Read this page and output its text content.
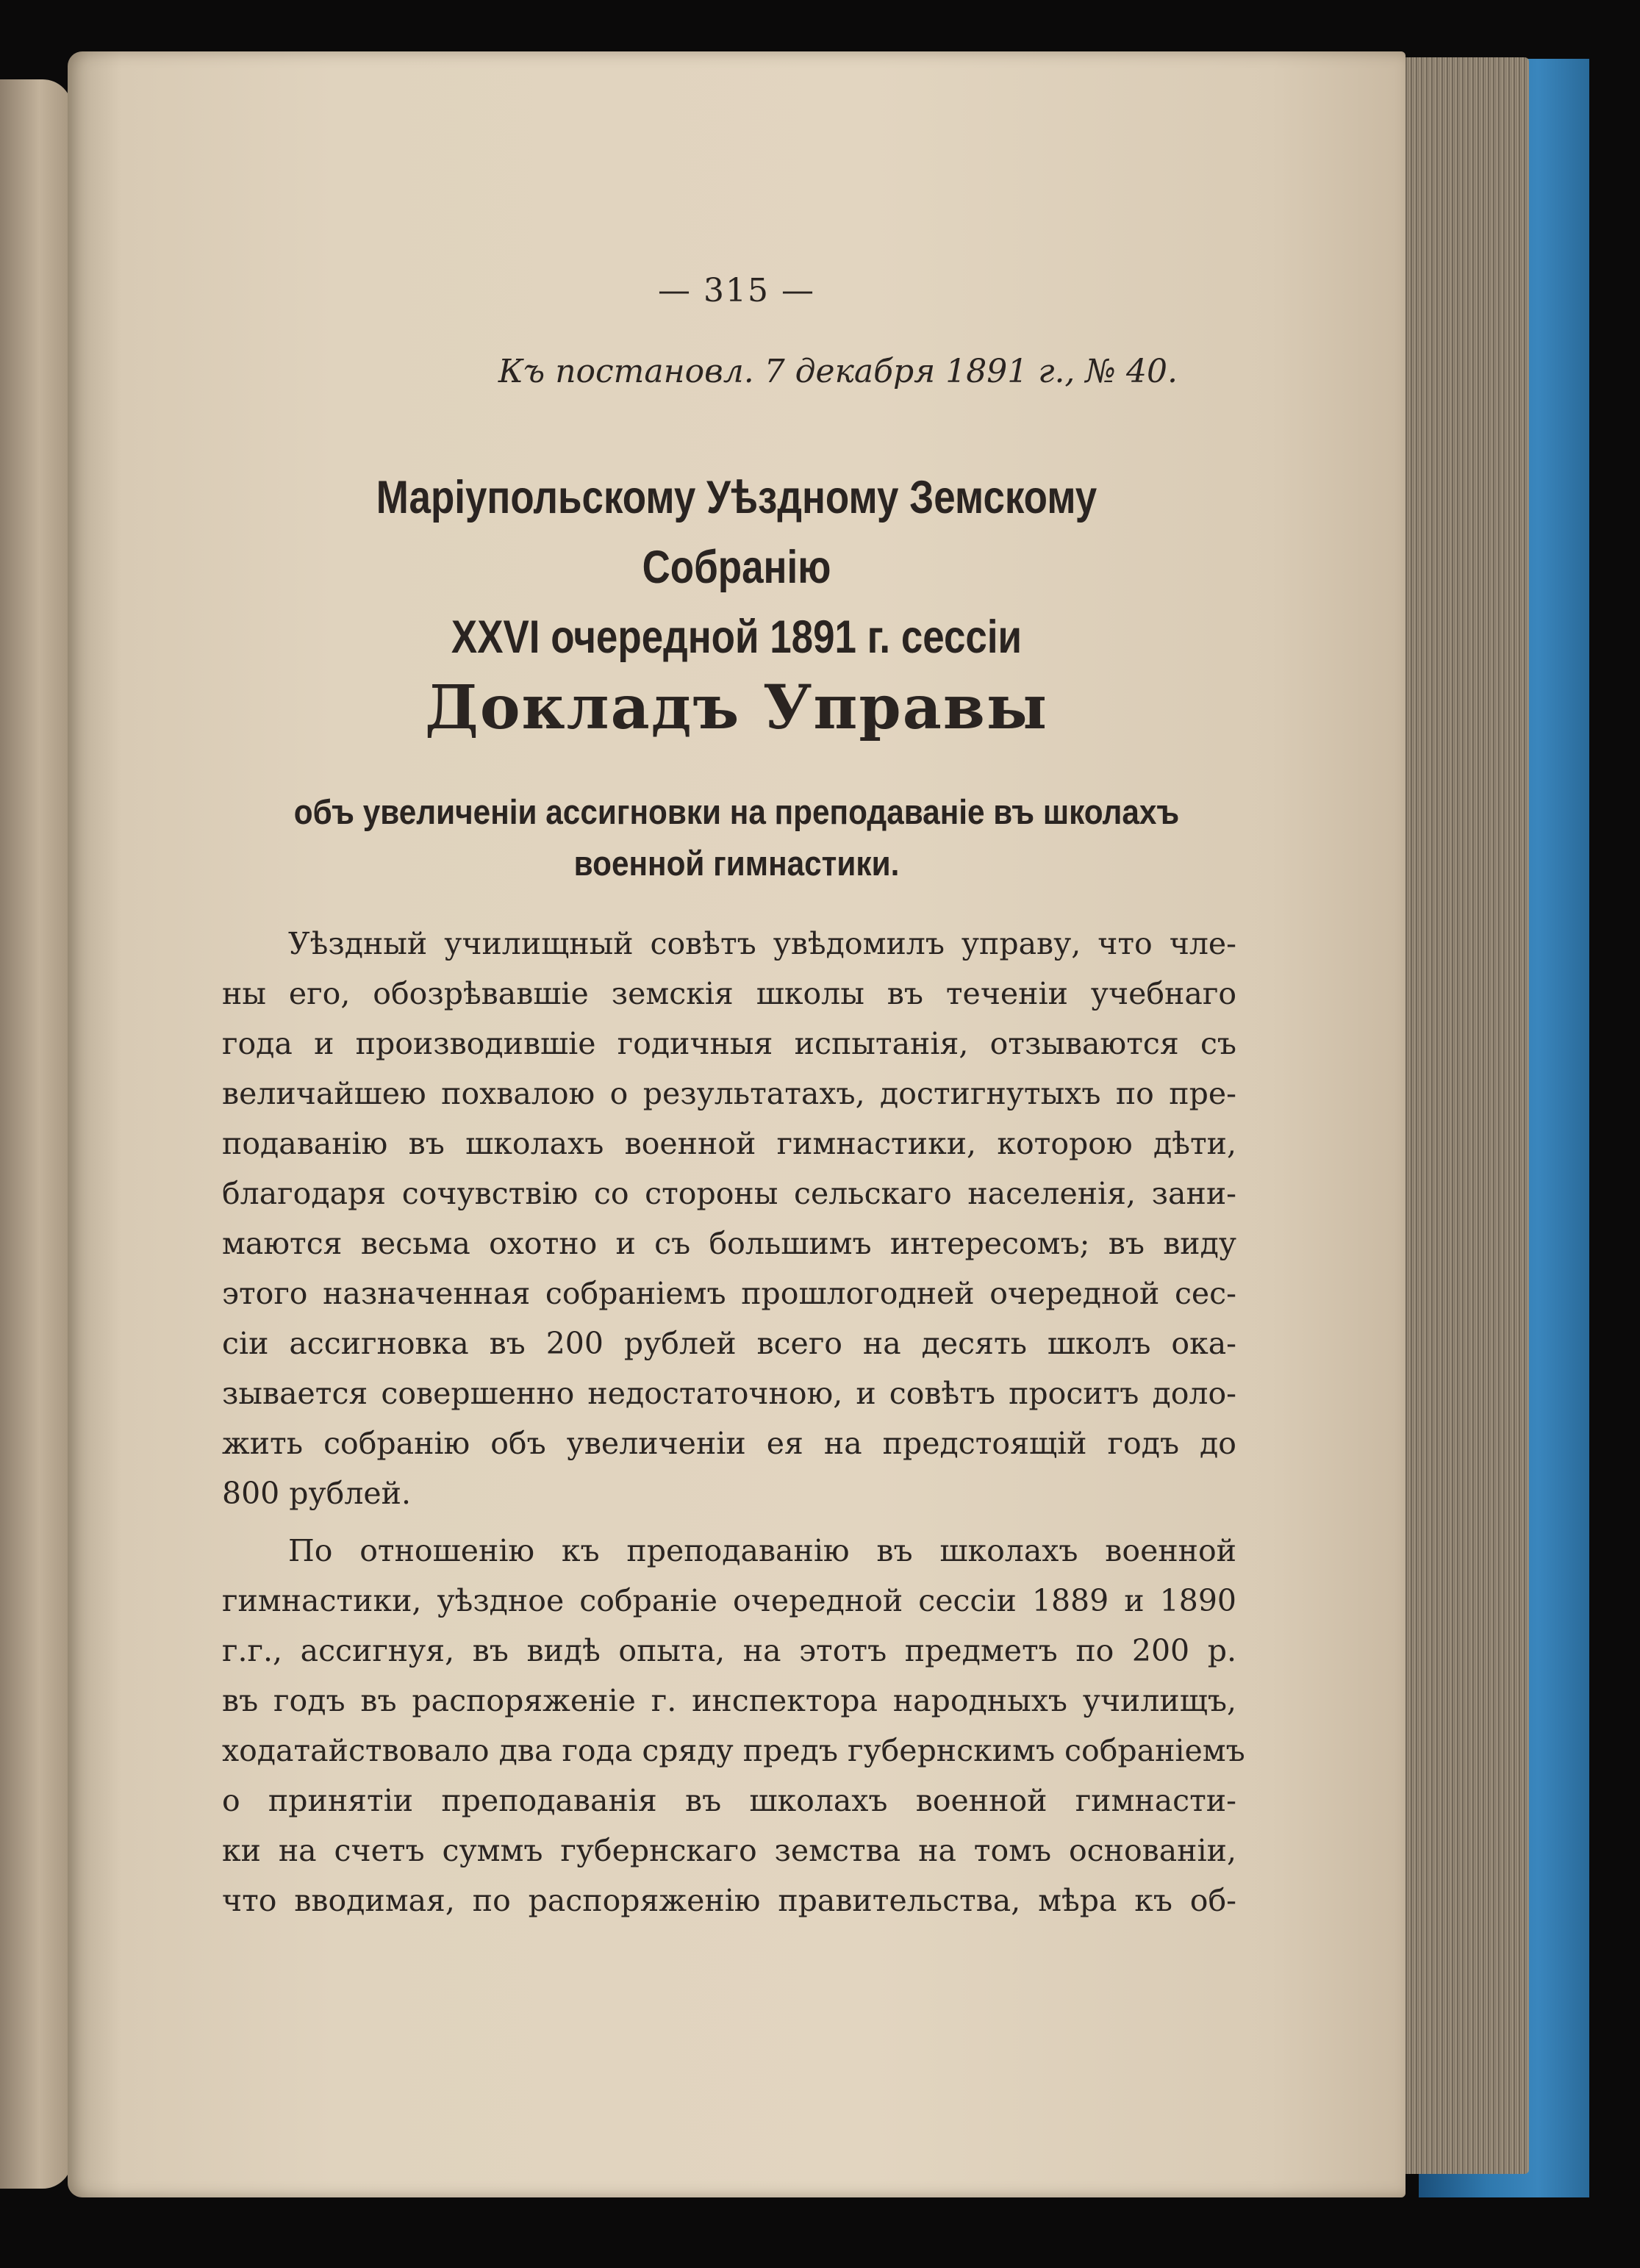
— 315 —
Къ постановл. 7 декабря 1891 г., № 40.
Маріупольскому Уѣздному Земскому Собранію
XXVI очередной 1891 г. сессіи
Докладъ Управы
объ увеличеніи ассигновки на преподаваніе въ школахъ
военной гимнастики.
Уѣздный училищный совѣтъ увѣдомилъ управу, что чле-
ны его, обозрѣвавшіе земскія школы въ теченіи учебнаго
года и производившіе годичныя испытанія, отзываются съ
величайшею похвалою о результатахъ, достигнутыхъ по пре-
подаванію въ школахъ военной гимнастики, которою дѣти,
благодаря сочувствію со стороны сельскаго населенія, зани-
маются весьма охотно и съ большимъ интересомъ; въ виду
этого назначенная собраніемъ прошлогодней очередной сес-
сіи ассигновка въ 200 рублей всего на десять школъ ока-
зывается совершенно недостаточною, и совѣтъ проситъ доло-
жить собранію объ увеличеніи ея на предстоящій годъ до
800 рублей.
По отношенію къ преподаванію въ школахъ военной
гимнастики, уѣздное собраніе очередной сессіи 1889 и 1890
г.г., ассигнуя, въ видѣ опыта, на этотъ предметъ по 200 р.
въ годъ въ распоряженіе г. инспектора народныхъ училищъ,
ходатайствовало два года сряду предъ губернскимъ собраніемъ
о принятіи преподаванія въ школахъ военной гимнасти-
ки на счетъ суммъ губернскаго земства на томъ основаніи,
что вводимая, по распоряженію правительства, мѣра къ об-
